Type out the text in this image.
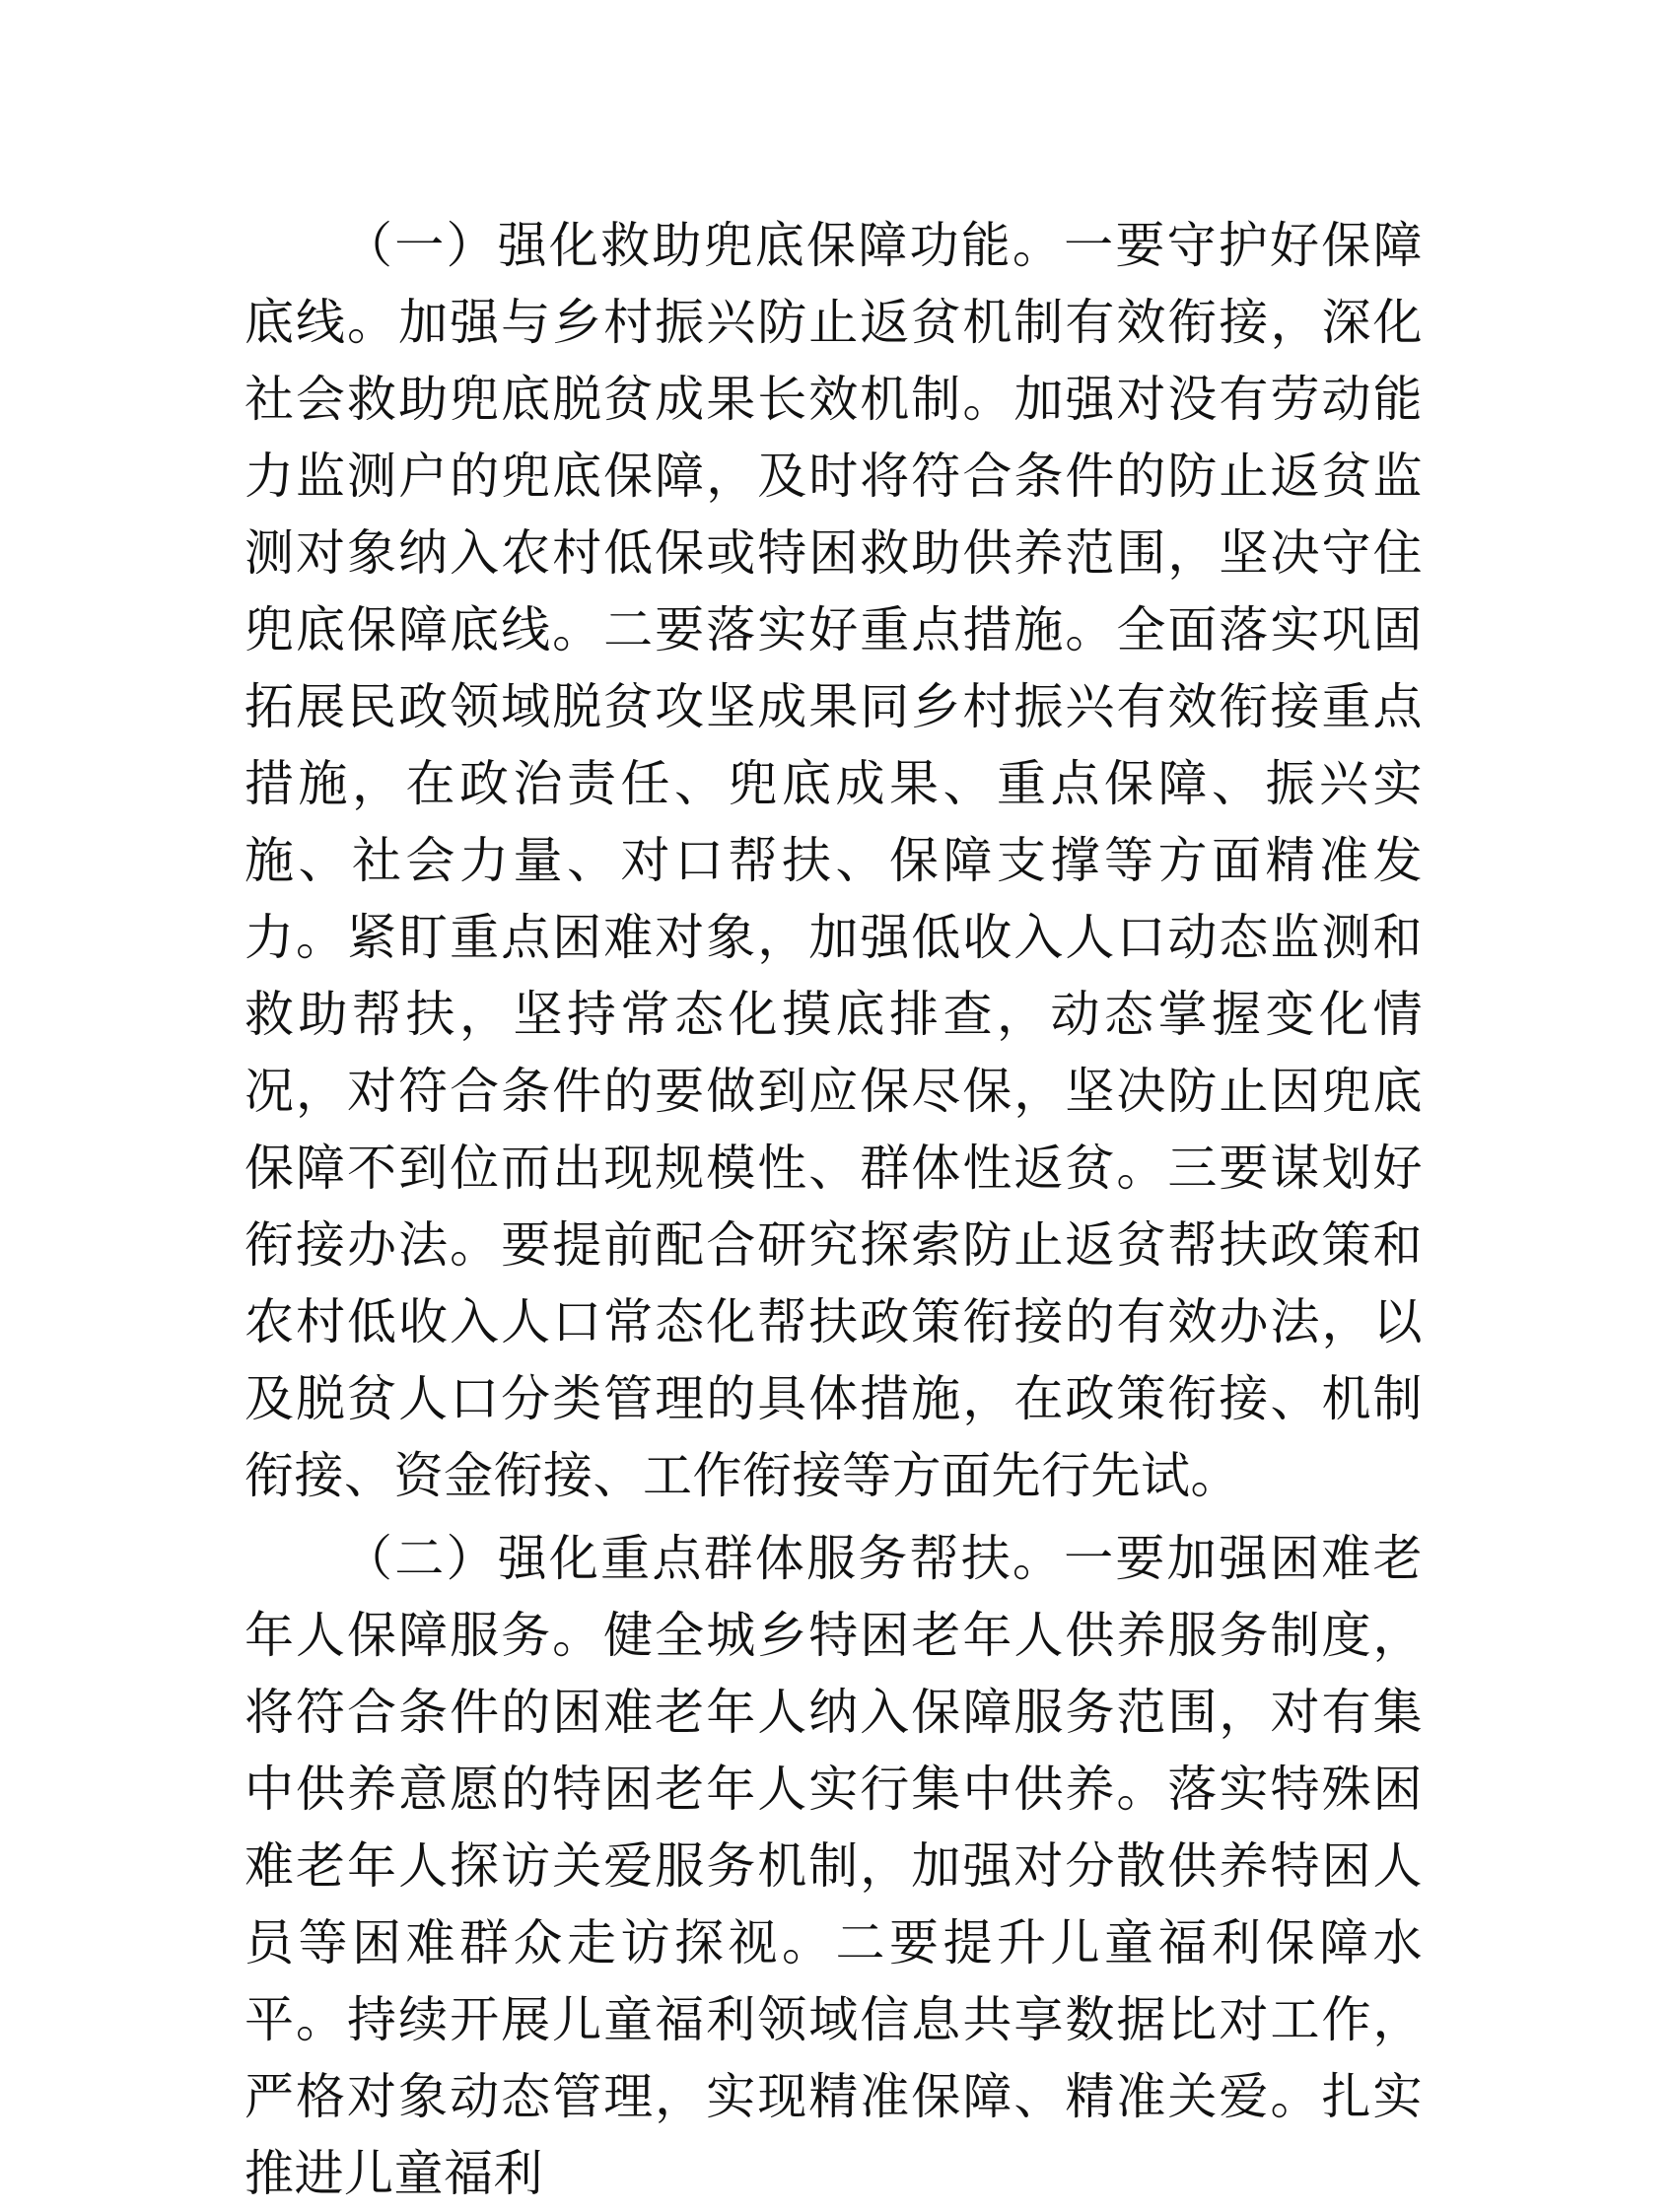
（一）强化救助兜底保障功能。一要守护好保障底线。加强与乡村振兴防止返贫机制有效衔接，深化社会救助兜底脱贫成果长效机制。加强对没有劳动能力监测户的兜底保障，及时将符合条件的防止返贫监测对象纳入农村低保或特困救助供养范围，坚决守住兜底保障底线。二要落实好重点措施。全面落实巩固拓展民政领域脱贫攻坚成果同乡村振兴有效衔接重点措施，在政治责任、兜底成果、重点保障、振兴实施、社会力量、对口帮扶、保障支撑等方面精准发力。紧盯重点困难对象，加强低收入人口动态监测和救助帮扶，坚持常态化摸底排查，动态掌握变化情况，对符合条件的要做到应保尽保，坚决防止因兜底保障不到位而出现规模性、群体性返贫。三要谋划好衔接办法。要提前配合研究探索防止返贫帮扶政策和农村低收入人口常态化帮扶政策衔接的有效办法，以及脱贫人口分类管理的具体措施，在政策衔接、机制衔接、资金衔接、工作衔接等方面先行先试。

（二）强化重点群体服务帮扶。一要加强困难老年人保障服务。健全城乡特困老年人供养服务制度，将符合条件的困难老年人纳入保障服务范围，对有集中供养意愿的特困老年人实行集中供养。落实特殊困难老年人探访关爱服务机制，加强对分散供养特困人员等困难群众走访探视。二要提升儿童福利保障水平。持续开展儿童福利领域信息共享数据比对工作，严格对象动态管理，实现精准保障、精准关爱。扎实推进儿童福利
